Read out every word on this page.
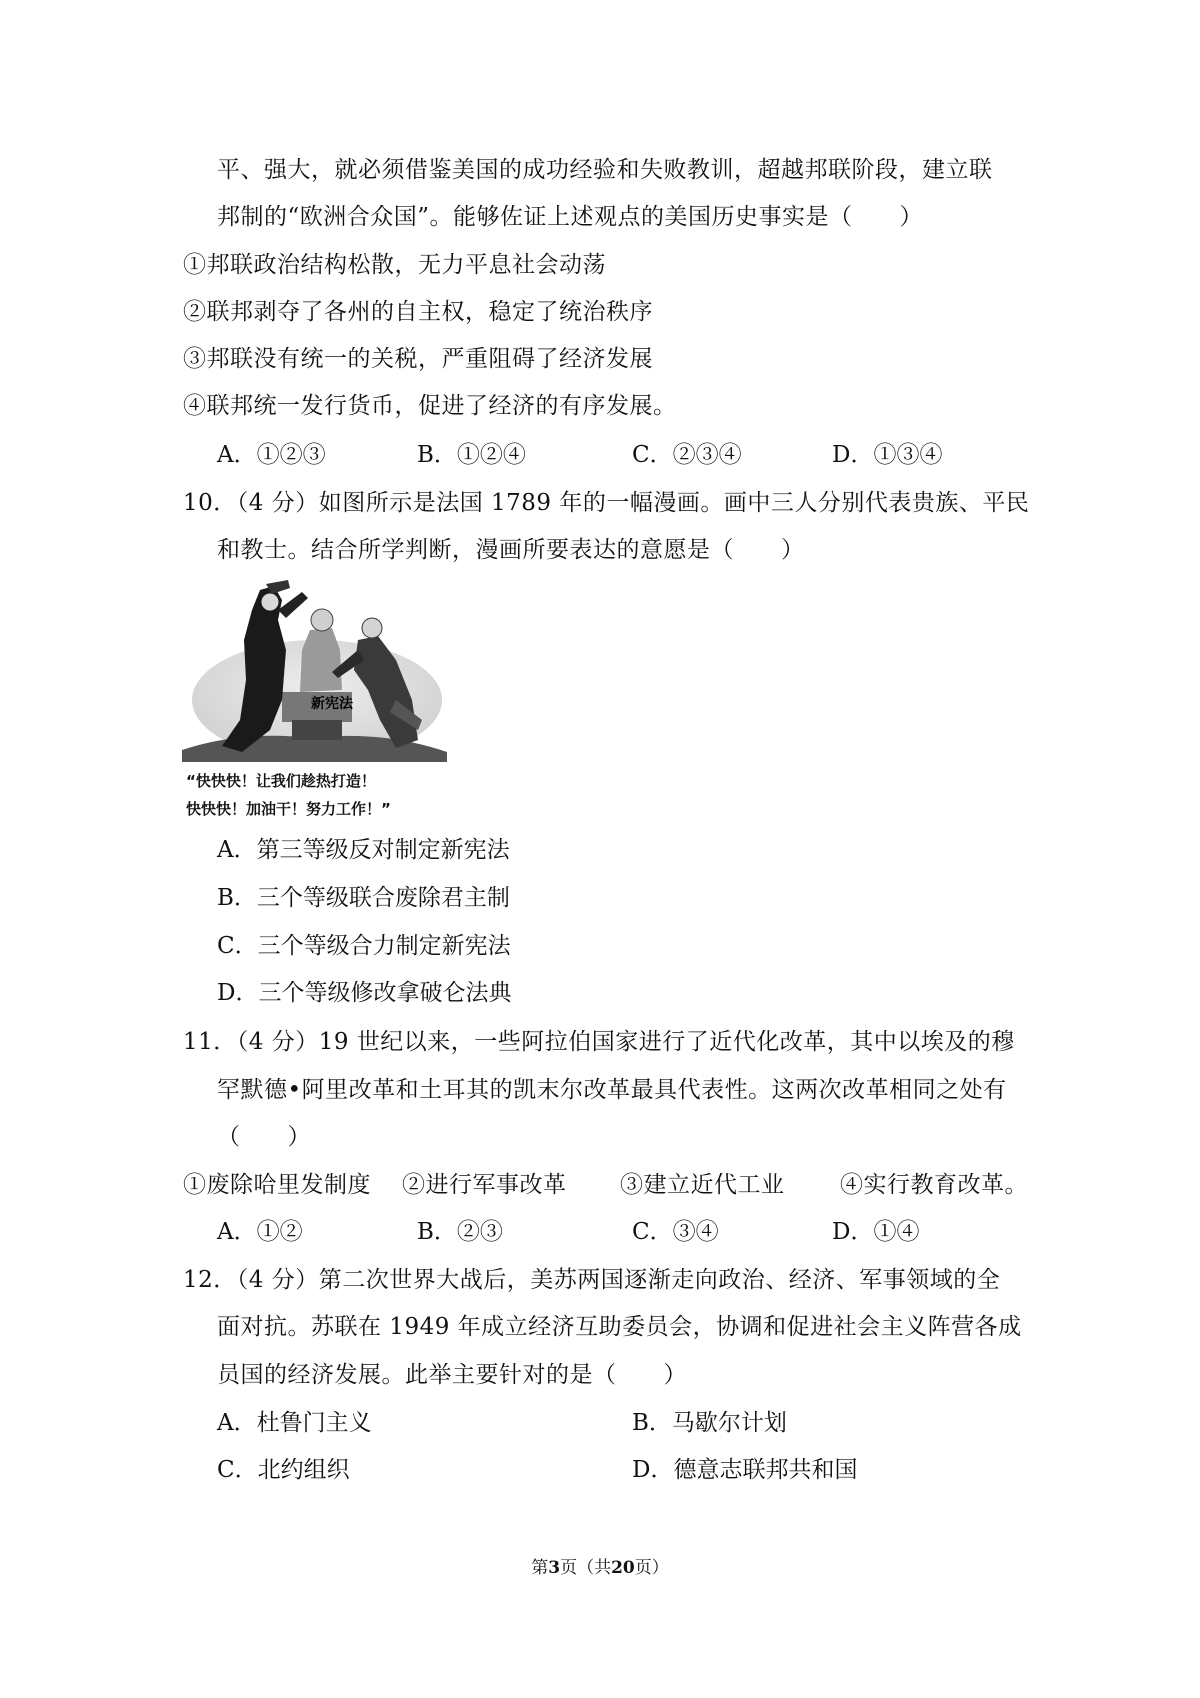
平、强大，就必须借鉴美国的成功经验和失败教训，超越邦联阶段，建立联
邦制的“欧洲合众国”。能够佐证上述观点的美国历史事实是（　　）
①邦联政治结构松散，无力平息社会动荡
②联邦剥夺了各州的自主权，稳定了统治秩序
③邦联没有统一的关税，严重阻碍了经济发展
④联邦统一发行货币，促进了经济的有序发展。
A．①②③	B．①②④	C．②③④	D．①③④
10．（4 分）如图所示是法国 1789 年的一幅漫画。画中三人分别代表贵族、平民
和教士。结合所学判断，漫画所要表达的意愿是（　　）
新宪法
“快快快！让我们趁热打造！
快快快！加油干！努力工作！”
A．第三等级反对制定新宪法
B．三个等级联合废除君主制
C．三个等级合力制定新宪法
D．三个等级修改拿破仑法典
11．（4 分）19 世纪以来，一些阿拉伯国家进行了近代化改革，其中以埃及的穆
罕默德•阿里改革和土耳其的凯末尔改革最具代表性。这两次改革相同之处有
（　　）
①废除哈里发制度 ②进行军事改革 ③建立近代工业 ④实行教育改革。
A．①②	B．②③	C．③④	D．①④
12．（4 分）第二次世界大战后，美苏两国逐渐走向政治、经济、军事领域的全
面对抗。苏联在 1949 年成立经济互助委员会，协调和促进社会主义阵营各成
员国的经济发展。此举主要针对的是（　　）
A．杜鲁门主义	B．马歇尔计划
C．北约组织	D．德意志联邦共和国
第3页（共20页）
